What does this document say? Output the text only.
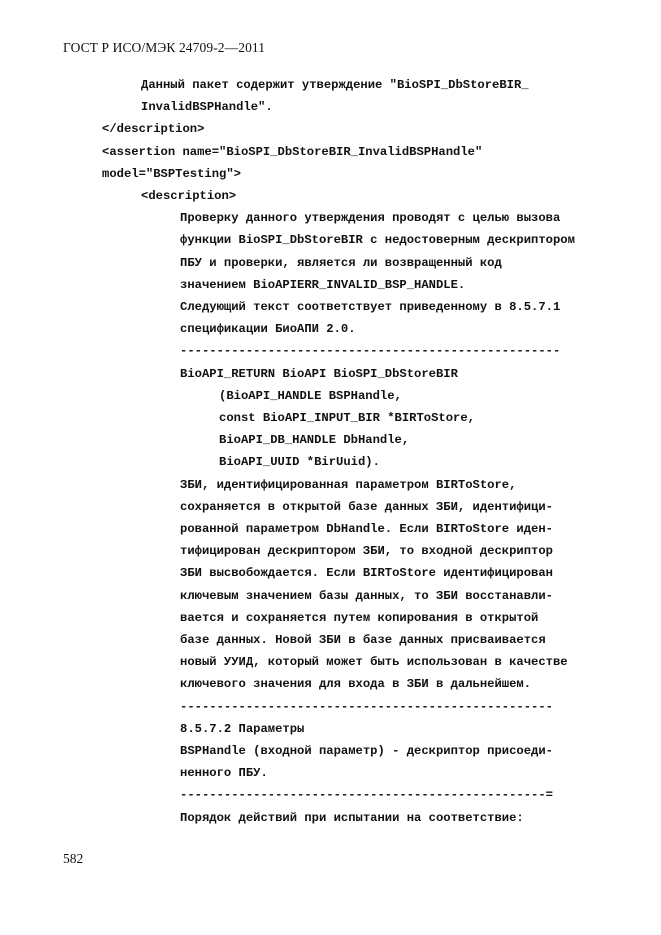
ГОСТ Р ИСО/МЭК 24709-2—2011
Данный пакет содержит утверждение "BioSPI_DbStoreBIR_
InvalidBSPHandle".
</description>
<assertion name="BioSPI_DbStoreBIR_InvalidBSPHandle"
model="BSPTesting">
<description>
Проверку данного утверждения проводят с целью вызова
функции BioSPI_DbStoreBIR с недостоверным дескриптором
ПБУ и проверки, является ли возвращенный код
значением BioAPIERR_INVALID_BSP_HANDLE.
Следующий текст соответствует приведенному в 8.5.7.1
спецификации БиоАПИ 2.0.
----------------------------------------------------
BioAPI_RETURN BioAPI BioSPI_DbStoreBIR
(BioAPI_HANDLE BSPHandle,
const BioAPI_INPUT_BIR *BIRToStore,
BioAPI_DB_HANDLE DbHandle,
BioAPI_UUID *BirUuid).
ЗБИ, идентифицированная параметром BIRToStore,
сохраняется в открытой базе данных ЗБИ, идентифици-
рованной параметром DbHandle. Если BIRToStore иден-
тифицирован дескриптором ЗБИ, то входной дескриптор
ЗБИ высвобождается. Если BIRToStore идентифицирован
ключевым значением базы данных, то ЗБИ восстанавли-
вается и сохраняется путем копирования в открытой
базе данных. Новой ЗБИ в базе данных присваивается
новый УУИД, который может быть использован в качестве
ключевого значения для входа в ЗБИ в дальнейшем.
---------------------------------------------------
8.5.7.2 Параметры
BSPHandle (входной параметр) - дескриптор присоеди-
ненного ПБУ.
--------------------------------------------------=
Порядок действий при испытании на соответствие:
582
